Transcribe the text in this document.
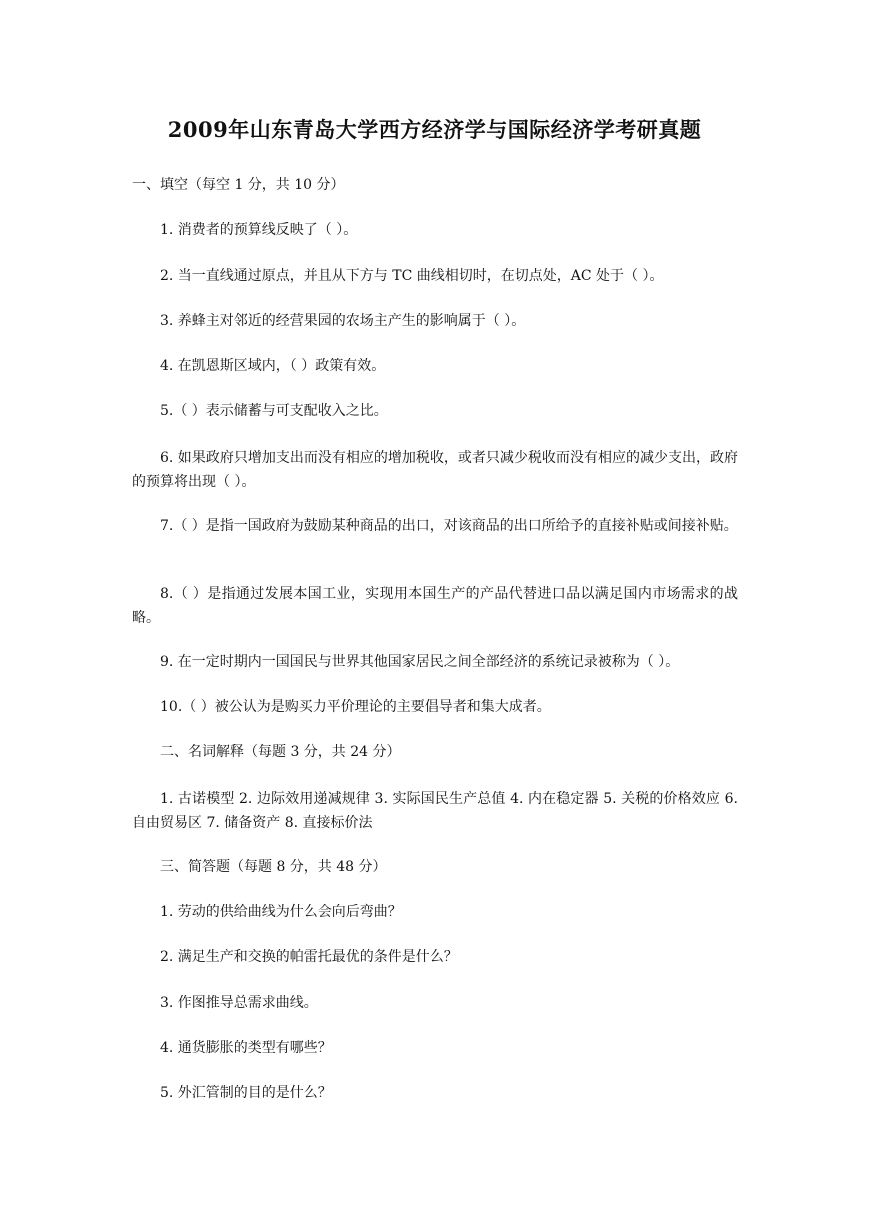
2009年山东青岛大学西方经济学与国际经济学考研真题
一、填空（每空 1 分，共 10 分）
1. 消费者的预算线反映了（ ）。
2. 当一直线通过原点，并且从下方与 TC 曲线相切时，在切点处，AC 处于（ ）。
3. 养蜂主对邻近的经营果园的农场主产生的影响属于（ ）。
4. 在凯恩斯区域内，（ ）政策有效。
5.（ ）表示储蓄与可支配收入之比。
6. 如果政府只增加支出而没有相应的增加税收，或者只减少税收而没有相应的减少支出，政府的预算将出现（ ）。
7.（ ）是指一国政府为鼓励某种商品的出口，对该商品的出口所给予的直接补贴或间接补贴。
8.（ ）是指通过发展本国工业，实现用本国生产的产品代替进口品以满足国内市场需求的战略。
9. 在一定时期内一国国民与世界其他国家居民之间全部经济的系统记录被称为（ ）。
10.（ ）被公认为是购买力平价理论的主要倡导者和集大成者。
二、名词解释（每题 3 分，共 24 分）
1. 古诺模型 2. 边际效用递减规律 3. 实际国民生产总值 4. 内在稳定器 5. 关税的价格效应 6. 自由贸易区 7. 储备资产 8. 直接标价法
三、简答题（每题 8 分，共 48 分）
1. 劳动的供给曲线为什么会向后弯曲？
2. 满足生产和交换的帕雷托最优的条件是什么？
3. 作图推导总需求曲线。
4. 通货膨胀的类型有哪些？
5. 外汇管制的目的是什么？
